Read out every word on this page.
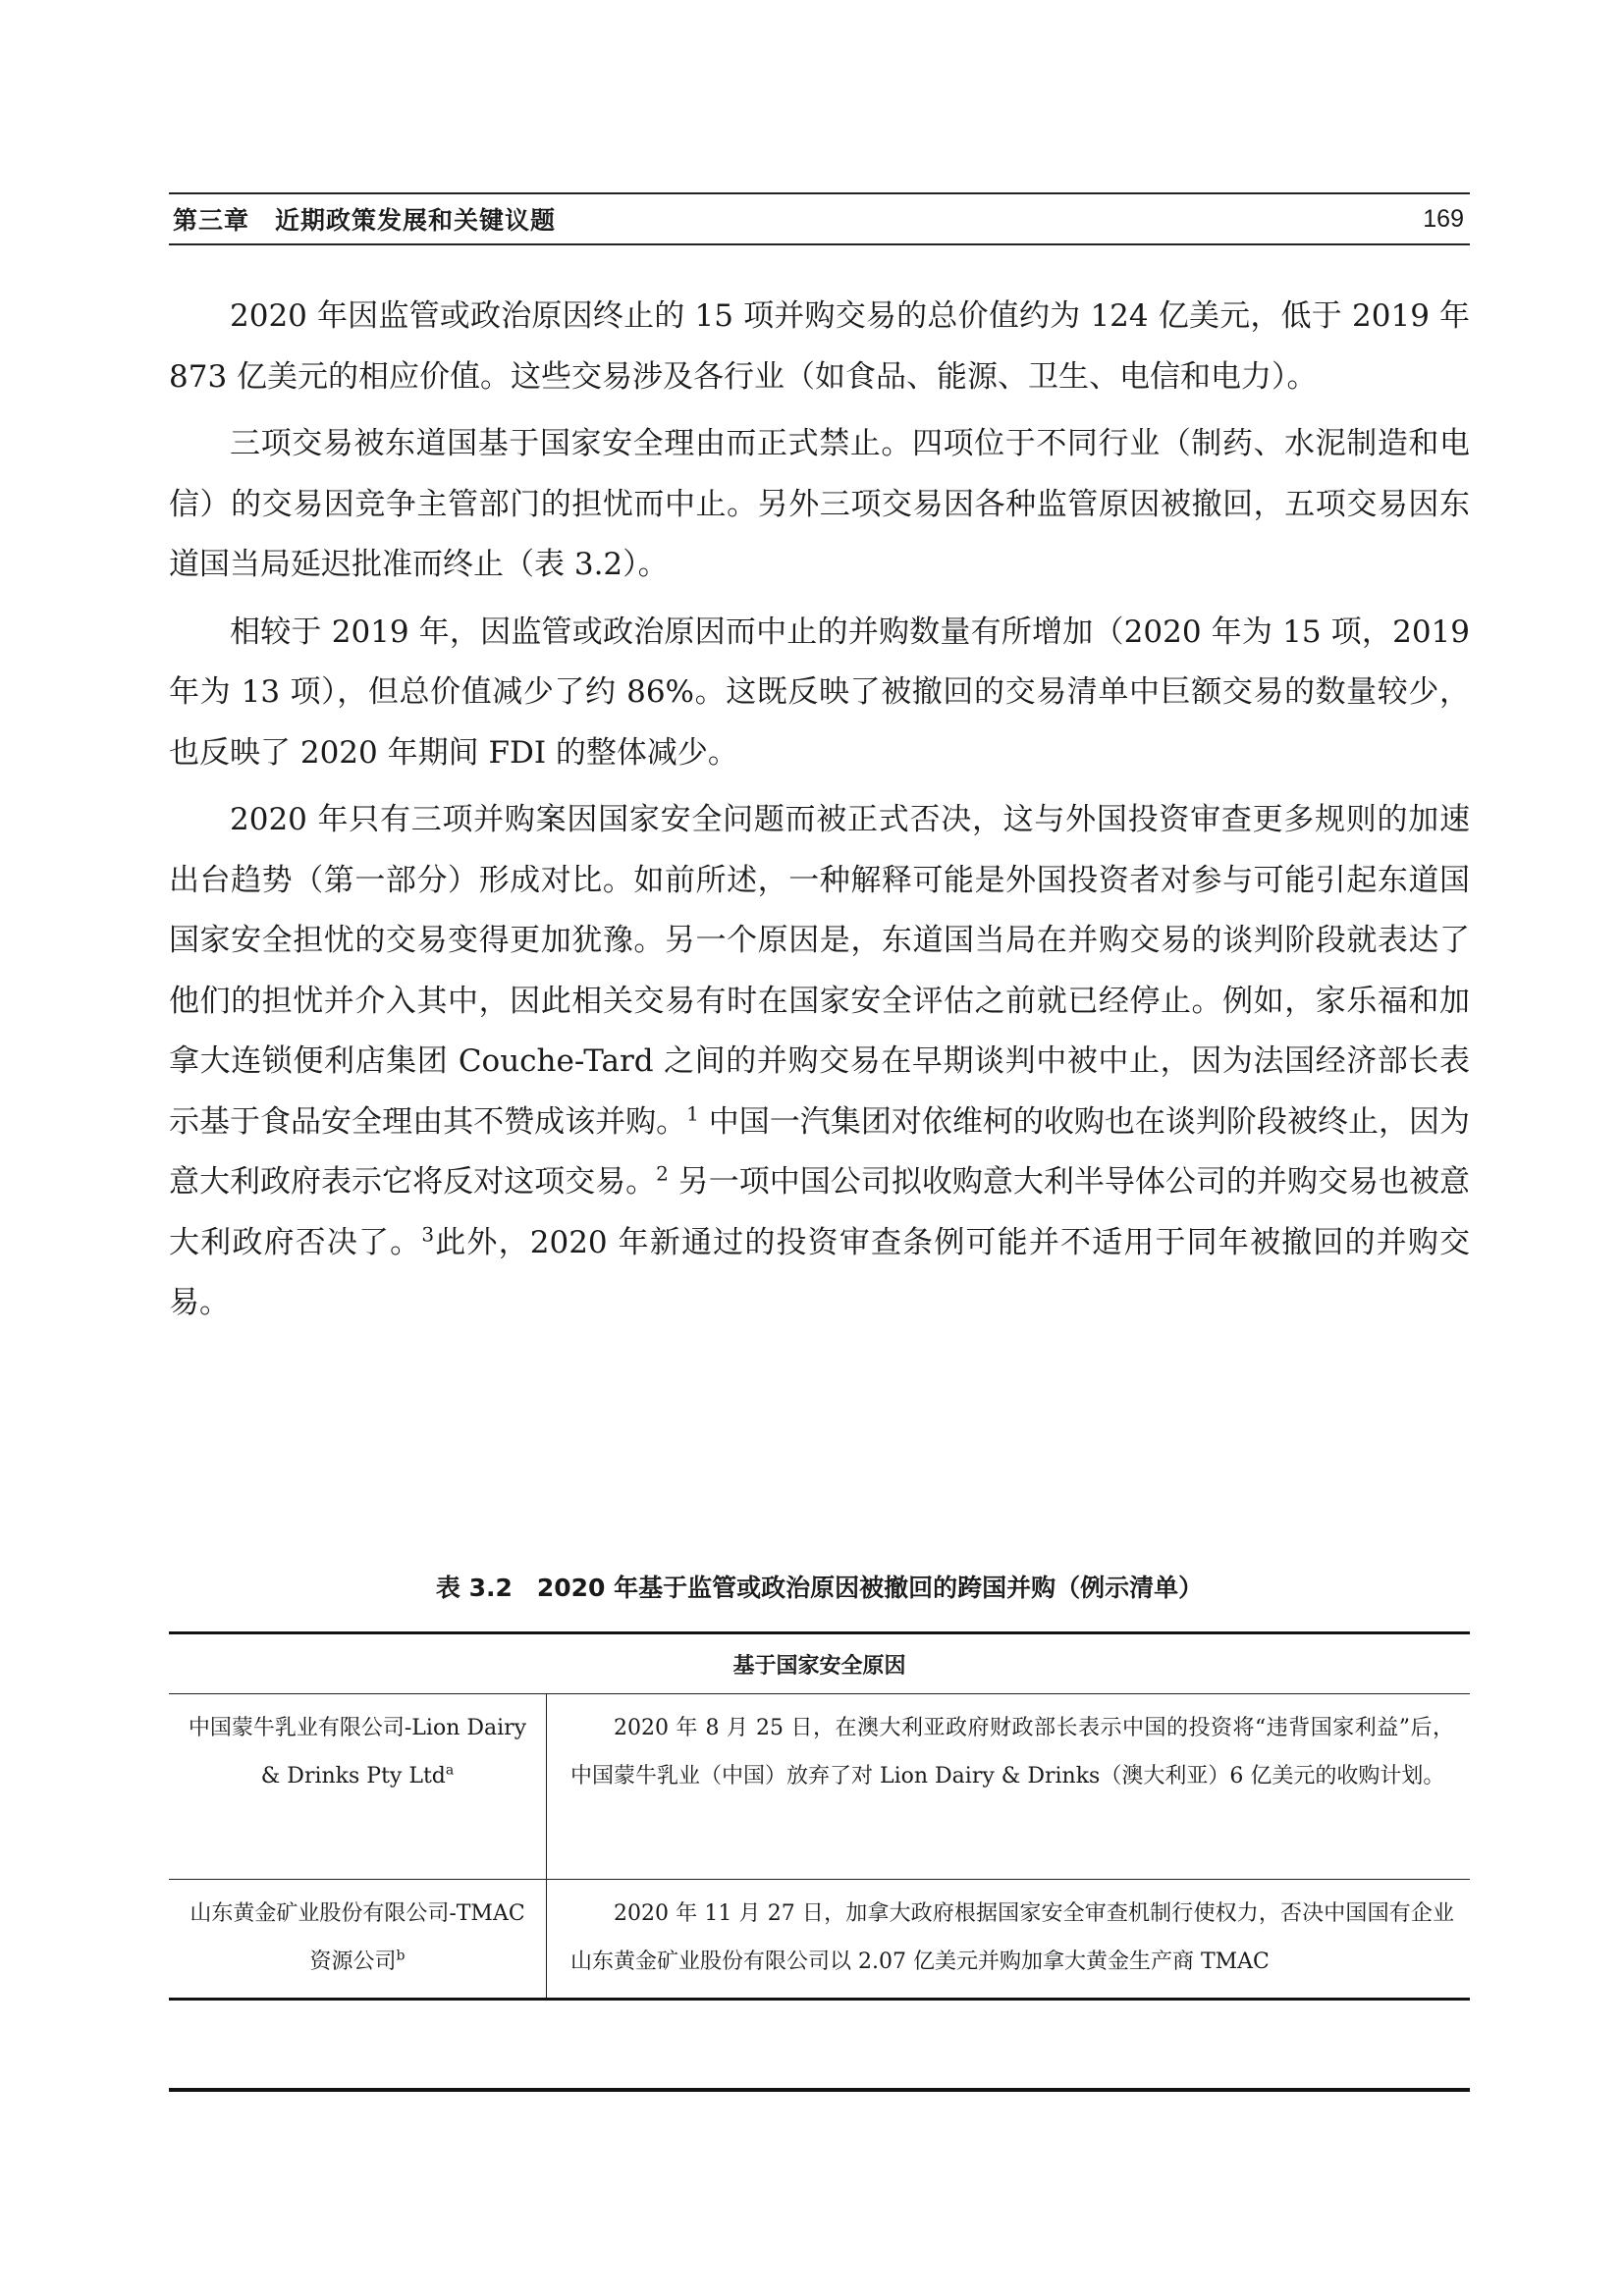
第三章　近期政策发展和关键议题	169

2020 年因监管或政治原因终止的 15 项并购交易的总价值约为 124 亿美元，低于 2019 年 873 亿美元的相应价值。这些交易涉及各行业（如食品、能源、卫生、电信和电力）。

三项交易被东道国基于国家安全理由而正式禁止。四项位于不同行业（制药、水泥制造和电信）的交易因竞争主管部门的担忧而中止。另外三项交易因各种监管原因被撤回，五项交易因东道国当局延迟批准而终止（表 3.2）。

相较于 2019 年，因监管或政治原因而中止的并购数量有所增加（2020 年为 15 项，2019 年为 13 项），但总价值减少了约 86%。这既反映了被撤回的交易清单中巨额交易的数量较少，也反映了 2020 年期间 FDI 的整体减少。

2020 年只有三项并购案因国家安全问题而被正式否决，这与外国投资审查更多规则的加速出台趋势（第一部分）形成对比。如前所述，一种解释可能是外国投资者对参与可能引起东道国国家安全担忧的交易变得更加犹豫。另一个原因是，东道国当局在并购交易的谈判阶段就表达了他们的担忧并介入其中，因此相关交易有时在国家安全评估之前就已经停止。例如，家乐福和加拿大连锁便利店集团 Couche-Tard 之间的并购交易在早期谈判中被中止，因为法国经济部长表示基于食品安全理由其不赞成该并购。$^1$ 中国一汽集团对依维柯的收购也在谈判阶段被终止，因为意大利政府表示它将反对这项交易。$^2$ 另一项中国公司拟收购意大利半导体公司的并购交易也被意大利政府否决了。$^3$此外，2020 年新通过的投资审查条例可能并不适用于同年被撤回的并购交易。

表 3.2　2020 年基于监管或政治原因被撤回的跨国并购（例示清单）
基于国家安全原因
中国蒙牛乳业有限公司-Lion Dairy & Drinks Pty Ltd$^a$
2020 年 8 月 25 日，在澳大利亚政府财政部长表示中国的投资将“违背国家利益”后，中国蒙牛乳业（中国）放弃了对 Lion Dairy & Drinks（澳大利亚）6 亿美元的收购计划。
山东黄金矿业股份有限公司-TMAC 资源公司$^b$
2020 年 11 月 27 日，加拿大政府根据国家安全审查机制行使权力，否决中国国有企业山东黄金矿业股份有限公司以 2.07 亿美元并购加拿大黄金生产商 TMAC
